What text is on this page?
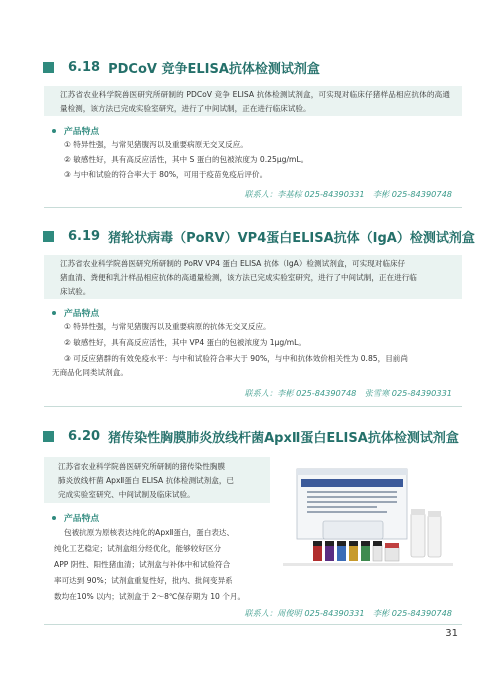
6.18 PDCoV 竞争ELISA抗体检测试剂盒
江苏省农业科学院兽医研究所研制的 PDCoV 竞争 ELISA 抗体检测试剂盒，可实现对临床仔猪样品相应抗体的高通量检测，该方法已完成实验室研究，进行了中间试制，正在进行临床试验。
产品特点
① 特异性强，与常见猪腹泻以及重要病原无交叉反应。
② 敏感性好，具有高反应活性，其中 S 蛋白的包被浓度为 0.25μg/mL。
③ 与中和试验的符合率大于 80%，可用于疫苗免疫后评价。
联系人：李基棕 025-84390331　李彬 025-84390748
6.19 猪轮状病毒（PoRV）VP4蛋白ELISA抗体（IgA）检测试剂盒
江苏省农业科学院兽医研究所研制的 PoRV VP4 蛋白 ELISA 抗体（IgA）检测试剂盒，可实现对临床仔
猪血清、粪便和乳汁样品相应抗体的高通量检测，该方法已完成实验室研究，进行了中间试制，正在进行临
床试验。
产品特点
① 特异性强，与常见猪腹泻以及重要病原的抗体无交叉反应。
② 敏感性好，具有高反应活性，其中 VP4 蛋白的包被浓度为 1μg/mL。
③ 可反应猪群的有效免疫水平：与中和试验符合率大于 90%，与中和抗体效价相关性为 0.85，目前尚
无商品化同类试剂盒。
联系人：李彬 025-84390748　张雪寒 025-84390331
6.20 猪传染性胸膜肺炎放线杆菌ApxⅡ蛋白ELISA抗体检测试剂盒
江苏省农业科学院兽医研究所研制的猪传染性胸膜
肺炎放线杆菌 ApxⅡ蛋白 ELISA 抗体检测试剂盒，已
完成实验室研究、中间试制及临床试验。
产品特点
包被抗原为原核表达纯化的ApxⅡ蛋白，蛋白表达、
纯化工艺稳定；试剂盒组分经优化，能够较好区分
APP 阴性、阳性猪血清；试剂盒与补体中和试验符合
率可达到 90%；试剂盒重复性好，批内、批间变异系
数均在10% 以内；试剂盒于 2～8℃保存期为 10 个月。
联系人：周俊明 025-84390331　李彬 025-84390748
31
